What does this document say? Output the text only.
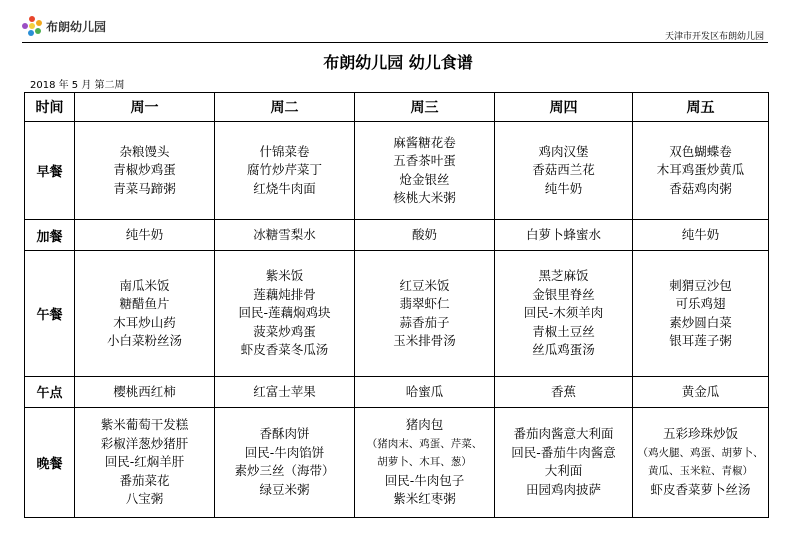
布朗幼儿园
天津市开发区布朗幼儿园
布朗幼儿园 幼儿食谱
2018 年 5 月 第二周
时间	周一	周二	周三	周四	周五
早餐	杂粮馒头
青椒炒鸡蛋
青菜马蹄粥	什锦菜卷
腐竹炒芹菜丁
红烧牛肉面	麻酱糖花卷
五香茶叶蛋
炝金银丝
核桃大米粥	鸡肉汉堡
香菇西兰花
纯牛奶	双色蝴蝶卷
木耳鸡蛋炒黄瓜
香菇鸡肉粥

加餐	纯牛奶	冰糖雪梨水	酸奶	白萝卜蜂蜜水	纯牛奶

午餐	南瓜米饭
糖醋鱼片
木耳炒山药
小白菜粉丝汤	紫米饭
莲藕炖排骨
回民-莲藕焖鸡块
菠菜炒鸡蛋
虾皮香菜冬瓜汤	红豆米饭
翡翠虾仁
蒜香茄子
玉米排骨汤	黑芝麻饭
金银里脊丝
回民-木须羊肉
青椒土豆丝
丝瓜鸡蛋汤	刺猬豆沙包
可乐鸡翅
素炒圆白菜
银耳莲子粥

午点	樱桃西红柿	红富士苹果	哈蜜瓜	香蕉	黄金瓜

晚餐	紫米葡萄干发糕
彩椒洋葱炒猪肝
回民-红焖羊肝
番茄菜花
八宝粥	香酥肉饼
回民-牛肉馅饼
素炒三丝（海带）
绿豆米粥	猪肉包
（猪肉末、鸡蛋、芹菜、
胡萝卜、木耳、葱）
回民-牛肉包子
紫米红枣粥	番茄肉酱意大利面
回民-番茄牛肉酱意
大利面
田园鸡肉披萨	五彩珍珠炒饭
（鸡火腿、鸡蛋、胡萝卜、
黄瓜、玉米粒、青椒）
虾皮香菜萝卜丝汤
